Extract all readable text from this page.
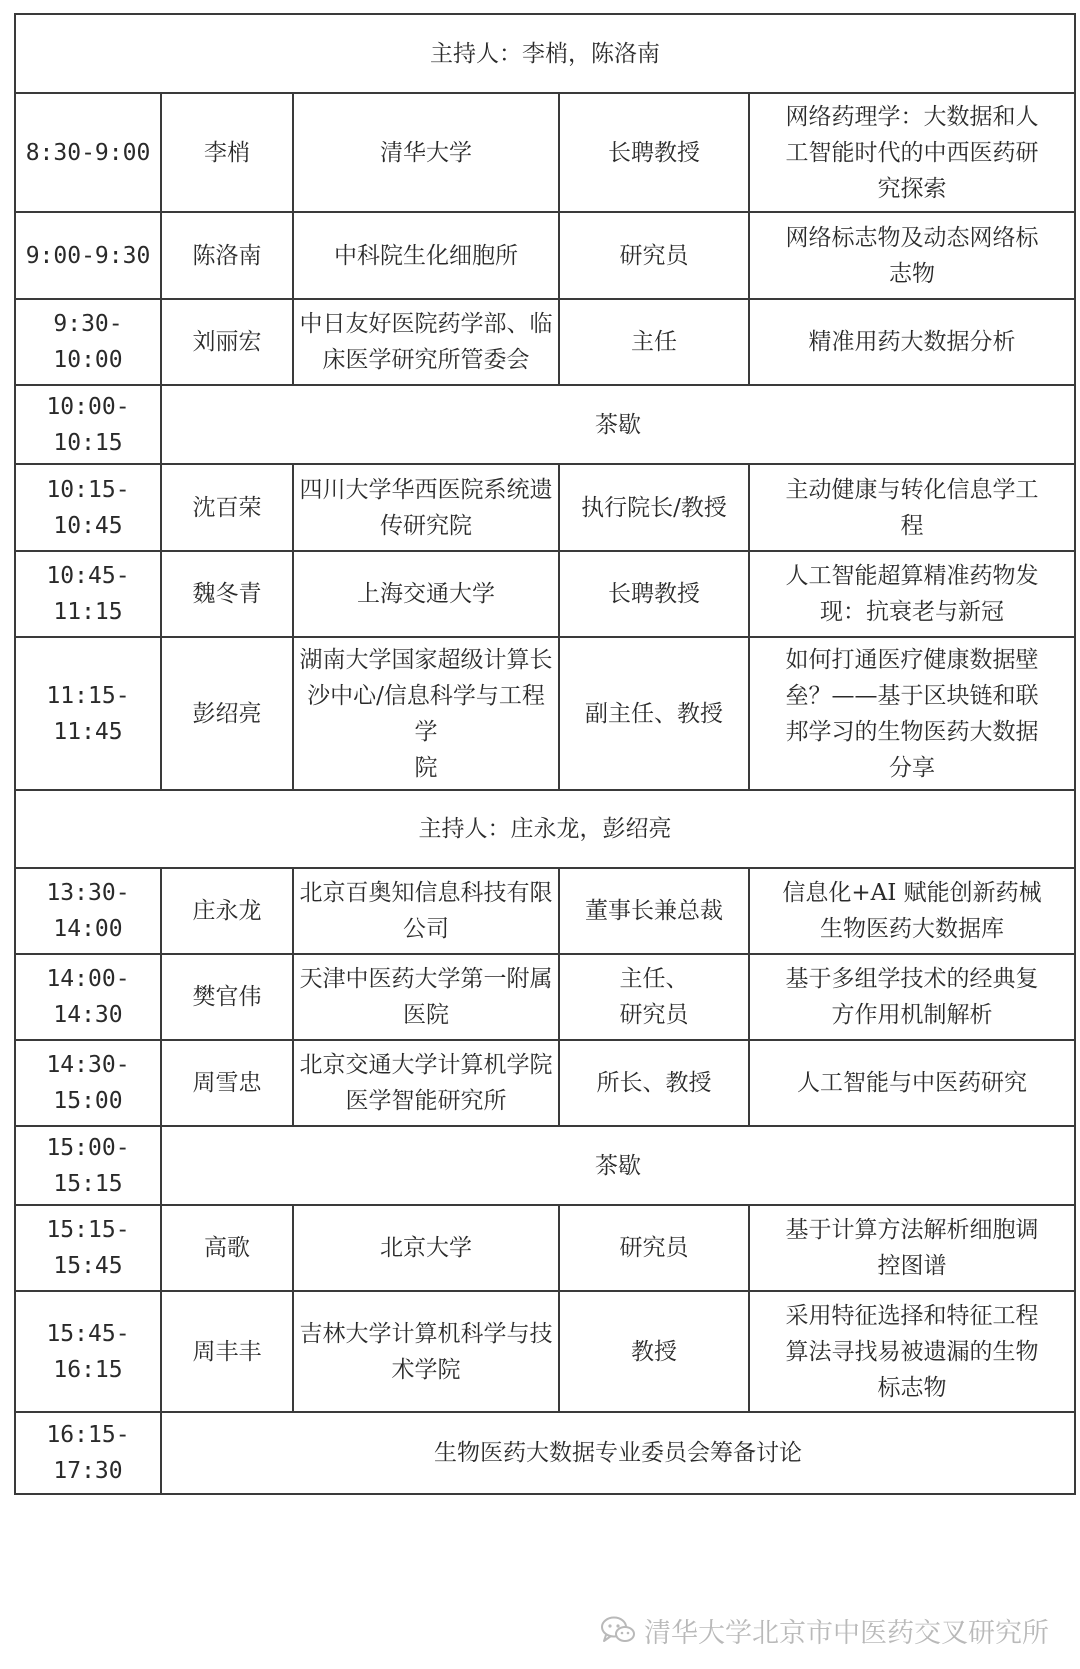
主持人：李梢，陈洛南				
8:30-9:00	李梢	清华大学	长聘教授	网络药理学：大数据和人
工智能时代的中西医药研
究探索
9:00-9:30	陈洛南	中科院生化细胞所	研究员	网络标志物及动态网络标
志物
9:30-10:00	刘丽宏	中日友好医院药学部、临
床医学研究所管委会	主任	精准用药大数据分析
10:00-10:15	茶歇			
10:15-10:45	沈百荣	四川大学华西医院系统遗
传研究院	执行院长/教授	主动健康与转化信息学工
程
10:45-11:15	魏冬青	上海交通大学	长聘教授	人工智能超算精准药物发
现：抗衰老与新冠
11:15-11:45	彭绍亮	湖南大学国家超级计算长
沙中心/信息科学与工程学
院	副主任、教授	如何打通医疗健康数据壁
垒？——基于区块链和联
邦学习的生物医药大数据
分享
主持人：庄永龙，彭绍亮				
13:30-14:00	庄永龙	北京百奥知信息科技有限
公司	董事长兼总裁	信息化+AI 赋能创新药械
生物医药大数据库
14:00-14:30	樊官伟	天津中医药大学第一附属
医院	主任、
研究员	基于多组学技术的经典复
方作用机制解析
14:30-15:00	周雪忠	北京交通大学计算机学院
医学智能研究所	所长、教授	人工智能与中医药研究
15:00-15:15	茶歇			
15:15-15:45	高歌	北京大学	研究员	基于计算方法解析细胞调
控图谱
15:45-16:15	周丰丰	吉林大学计算机科学与技
术学院	教授	采用特征选择和特征工程
算法寻找易被遗漏的生物
标志物
16:15-17:30	生物医药大数据专业委员会筹备讨论			
清华大学北京市中医药交叉研究所
